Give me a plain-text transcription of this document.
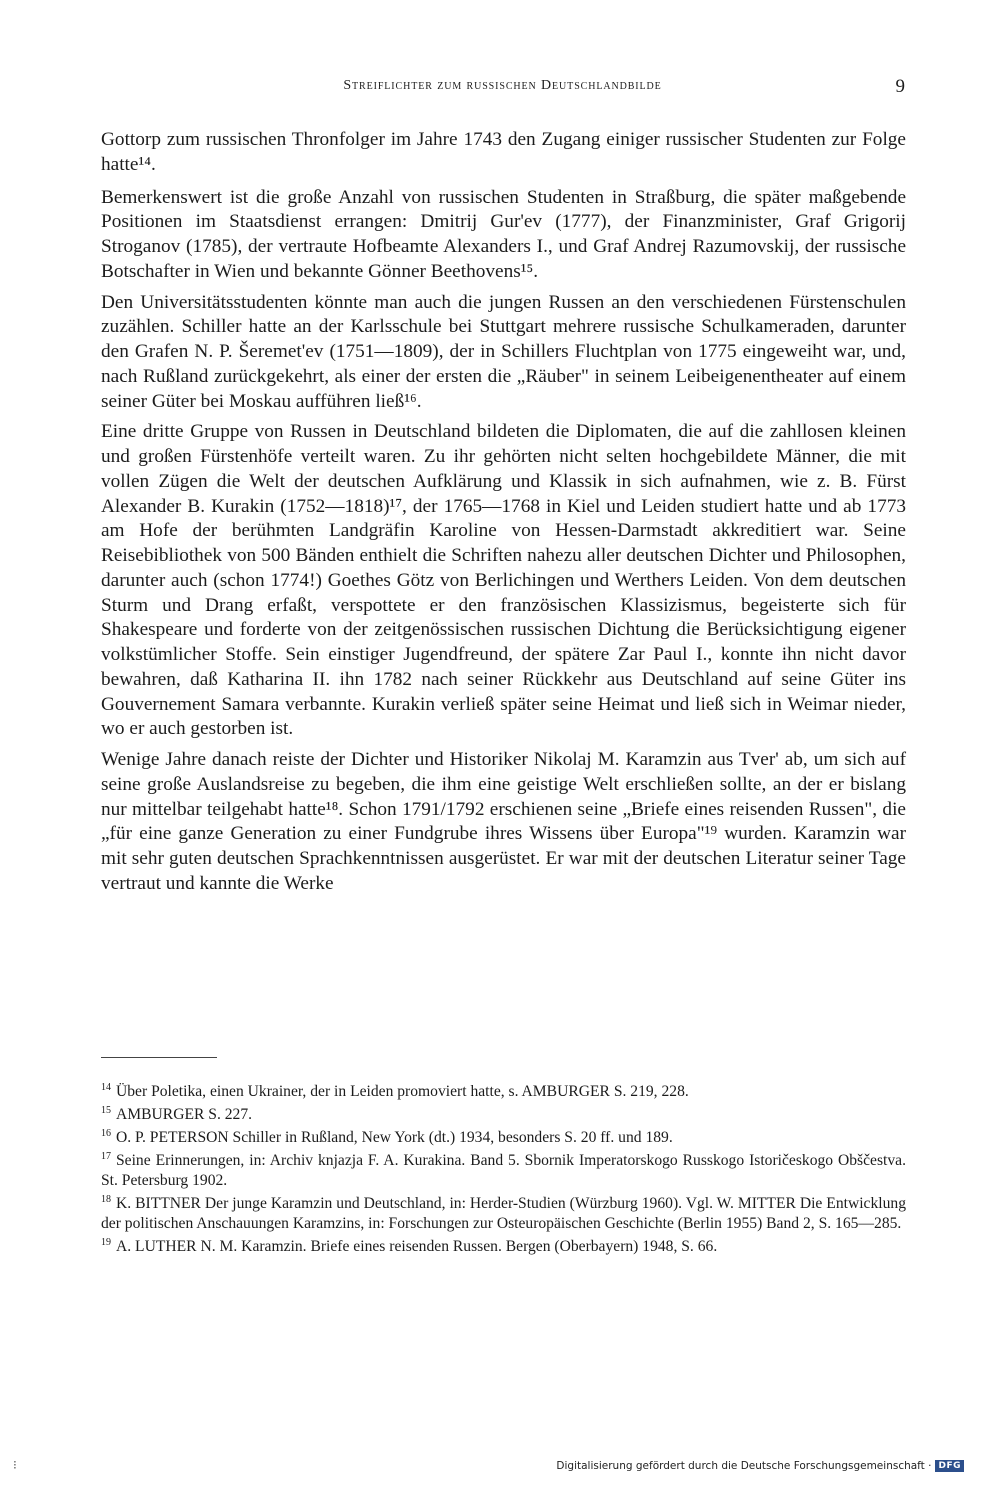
Streiflichter zum russischen Deutschlandbilde	9

Gottorp zum russischen Thronfolger im Jahre 1743 den Zugang einiger russischer Studenten zur Folge hatte¹⁴.

Bemerkenswert ist die große Anzahl von russischen Studenten in Straßburg, die später maßgebende Positionen im Staatsdienst errangen: Dmitrij Gur'ev (1777), der Finanzminister, Graf Grigorij Stroganov (1785), der vertraute Hofbeamte Alexanders I., und Graf Andrej Razumovskij, der russische Botschafter in Wien und bekannte Gönner Beethovens¹⁵.

Den Universitätsstudenten könnte man auch die jungen Russen an den verschiedenen Fürstenschulen zuzählen. Schiller hatte an der Karlsschule bei Stuttgart mehrere russische Schulkameraden, darunter den Grafen N. P. Šeremet'ev (1751—1809), der in Schillers Fluchtplan von 1775 eingeweiht war, und, nach Rußland zurückgekehrt, als einer der ersten die „Räuber" in seinem Leibeigenentheater auf einem seiner Güter bei Moskau aufführen ließ¹⁶.

Eine dritte Gruppe von Russen in Deutschland bildeten die Diplomaten, die auf die zahllosen kleinen und großen Fürstenhöfe verteilt waren. Zu ihr gehörten nicht selten hochgebildete Männer, die mit vollen Zügen die Welt der deutschen Aufklärung und Klassik in sich aufnahmen, wie z. B. Fürst Alexander B. Kurakin (1752—1818)¹⁷, der 1765—1768 in Kiel und Leiden studiert hatte und ab 1773 am Hofe der berühmten Landgräfin Karoline von Hessen-Darmstadt akkreditiert war. Seine Reisebibliothek von 500 Bänden enthielt die Schriften nahezu aller deutschen Dichter und Philosophen, darunter auch (schon 1774!) Goethes Götz von Berlichingen und Werthers Leiden. Von dem deutschen Sturm und Drang erfaßt, verspottete er den französischen Klassizismus, begeisterte sich für Shakespeare und forderte von der zeitgenössischen russischen Dichtung die Berücksichtigung eigener volkstümlicher Stoffe. Sein einstiger Jugendfreund, der spätere Zar Paul I., konnte ihn nicht davor bewahren, daß Katharina II. ihn 1782 nach seiner Rückkehr aus Deutschland auf seine Güter ins Gouvernement Samara verbannte. Kurakin verließ später seine Heimat und ließ sich in Weimar nieder, wo er auch gestorben ist.

Wenige Jahre danach reiste der Dichter und Historiker Nikolaj M. Karamzin aus Tver' ab, um sich auf seine große Auslandsreise zu begeben, die ihm eine geistige Welt erschließen sollte, an der er bislang nur mittelbar teilgehabt hatte¹⁸. Schon 1791/1792 erschienen seine „Briefe eines reisenden Russen", die „für eine ganze Generation zu einer Fundgrube ihres Wissens über Europa"¹⁹ wurden. Karamzin war mit sehr guten deutschen Sprachkenntnissen ausgerüstet. Er war mit der deutschen Literatur seiner Tage vertraut und kannte die Werke

$^{14}$ Über Poletika, einen Ukrainer, der in Leiden promoviert hatte, s. AMBURGER S. 219, 228.
$^{15}$ AMBURGER S. 227.
$^{16}$ O. P. PETERSON Schiller in Rußland, New York (dt.) 1934, besonders S. 20 ff. und 189.
$^{17}$ Seine Erinnerungen, in: Archiv knjazja F. A. Kurakina. Band 5. Sbornik Imperatorskogo Russkogo Istoričeskogo Obščestva. St. Petersburg 1902.
$^{18}$ K. BITTNER Der junge Karamzin und Deutschland, in: Herder-Studien (Würzburg 1960). Vgl. W. MITTER Die Entwicklung der politischen Anschauungen Karamzins, in: Forschungen zur Osteuropäischen Geschichte (Berlin 1955) Band 2, S. 165—285.
$^{19}$ A. LUTHER N. M. Karamzin. Briefe eines reisenden Russen. Bergen (Oberbayern) 1948, S. 66.
⁝	Digitalisierung gefördert durch die Deutsche Forschungsgemeinschaft · DFG
